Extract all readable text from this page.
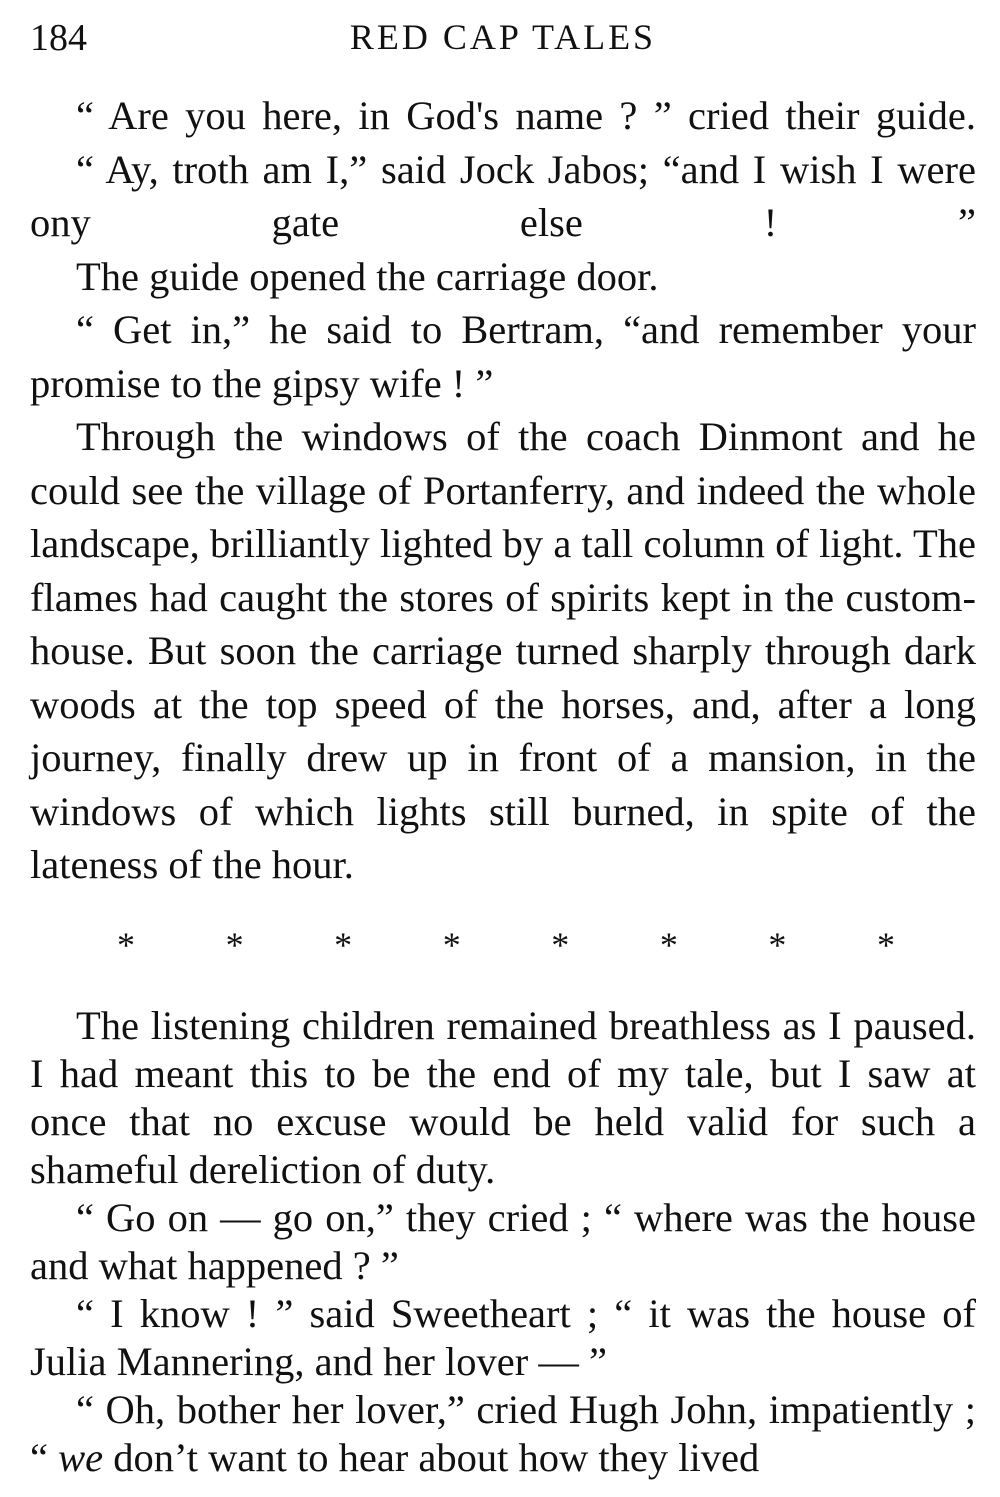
184	RED CAP TALES

“ Are you here, in God's name ? ” cried their guide.

“ Ay, troth am I,” said Jock Jabos; “and I wish I were ony gate else ! ”

The guide opened the carriage door.

“ Get in,” he said to Bertram, “and remember your promise to the gipsy wife ! ”

Through the windows of the coach Dinmont and he could see the village of Portanferry, and indeed the whole landscape, brilliantly lighted by a tall column of light. The flames had caught the stores of spirits kept in the custom-house. But soon the carriage turned sharply through dark woods at the top speed of the horses, and, after a long journey, finally drew up in front of a mansion, in the windows of which lights still burned, in spite of the lateness of the hour.

*	*	*	*	*	*	*	*

The listening children remained breathless as I paused. I had meant this to be the end of my tale, but I saw at once that no excuse would be held valid for such a shameful dereliction of duty.

“ Go on — go on,” they cried ; “ where was the house and what happened ? ”

“ I know ! ” said Sweetheart ; “ it was the house of Julia Mannering, and her lover — ”

“ Oh, bother her lover,” cried Hugh John, impatiently ; “ we don’t want to hear about how they lived
